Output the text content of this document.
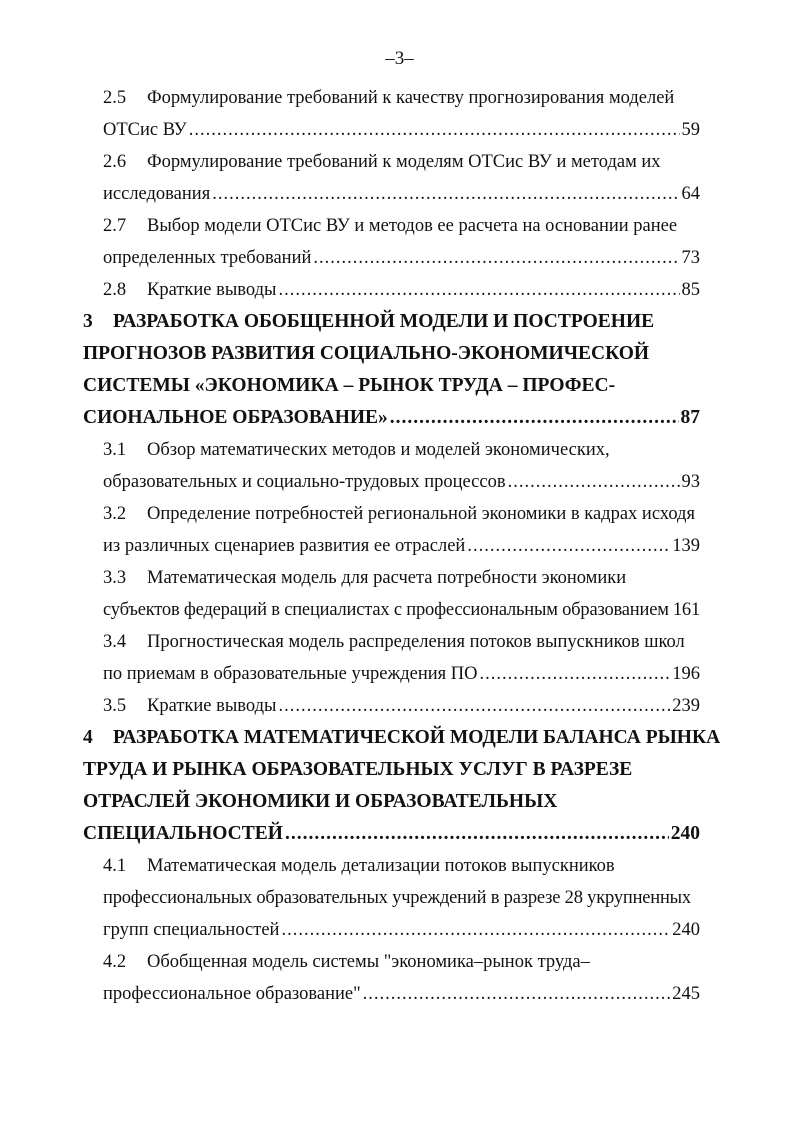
–3–
2.5 Формулирование требований к качеству прогнозирования моделей
ОТСис ВУ .....	59
2.6 Формулирование требований к моделям ОТСис ВУ и методам их
исследования .....	64
2.7 Выбор модели ОТСис ВУ и методов ее расчета на основании ранее
определенных требований .....	73
2.8 Краткие выводы .....	85
3 РАЗРАБОТКА ОБОБЩЕННОЙ МОДЕЛИ И ПОСТРОЕНИЕ
ПРОГНОЗОВ РАЗВИТИЯ СОЦИАЛЬНО-ЭКОНОМИЧЕСКОЙ
СИСТЕМЫ «ЭКОНОМИКА – РЫНОК ТРУДА – ПРОФЕС-
СИОНАЛЬНОЕ ОБРАЗОВАНИЕ» .....	87
3.1 Обзор математических методов и моделей экономических,
образовательных и социально-трудовых процессов .....	93
3.2 Определение потребностей региональной экономики в кадрах исходя
из различных сценариев развития ее отраслей .....	139
3.3 Математическая модель для расчета потребности экономики
субъектов федераций в специалистах с профессиональным образованием ..... 161
3.4 Прогностическая модель распределения потоков выпускников школ
по приемам в образовательные учреждения ПО .....	196
3.5 Краткие выводы .....	239
4 РАЗРАБОТКА МАТЕМАТИЧЕСКОЙ МОДЕЛИ БАЛАНСА РЫНКА
ТРУДА И РЫНКА ОБРАЗОВАТЕЛЬНЫХ УСЛУГ В РАЗРЕЗЕ
ОТРАСЛЕЙ ЭКОНОМИКИ И ОБРАЗОВАТЕЛЬНЫХ
СПЕЦИАЛЬНОСТЕЙ .....	240
4.1 Математическая модель детализации потоков выпускников
профессиональных образовательных учреждений в разрезе 28 укрупненных
групп специальностей .....	240
4.2 Обобщенная модель системы "экономика–рынок труда–
профессиональное образование" .....	245
